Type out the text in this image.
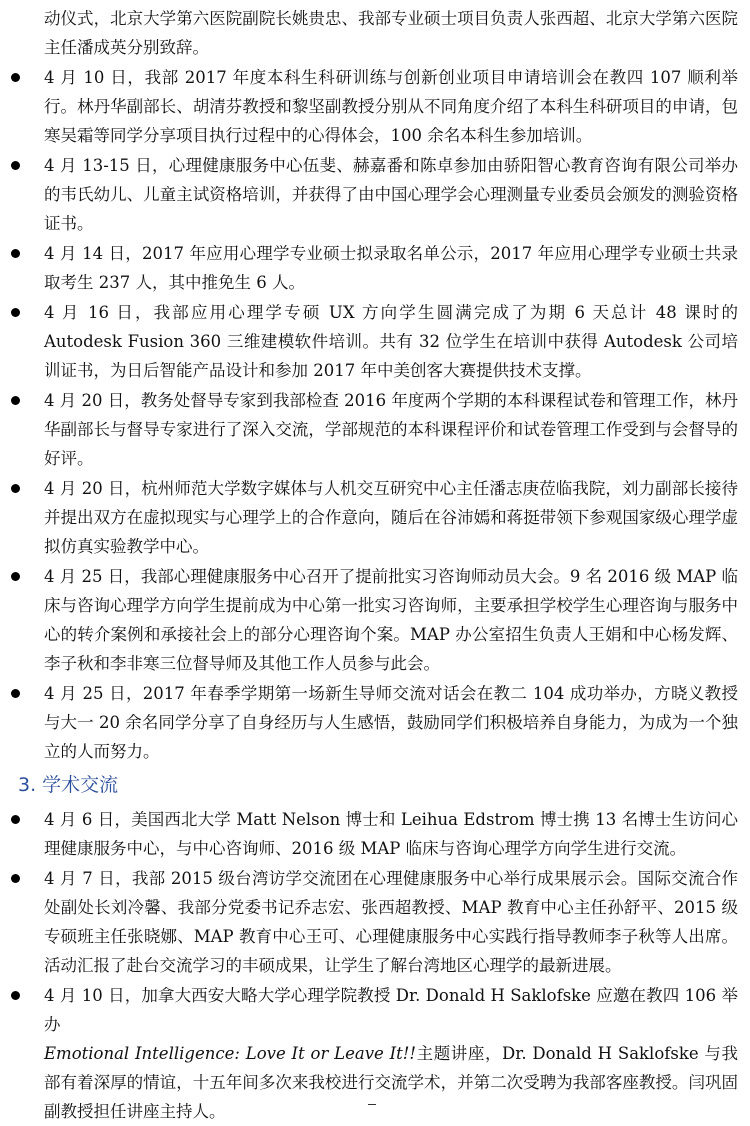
动仪式，北京大学第六医院副院长姚贵忠、我部专业硕士项目负责人张西超、北京大学第六医院主任潘成英分别致辞。
4 月 10 日，我部 2017 年度本科生科研训练与创新创业项目申请培训会在教四 107 顺利举行。林丹华副部长、胡清芬教授和黎坚副教授分别从不同角度介绍了本科生科研项目的申请，包寒吴霜等同学分享项目执行过程中的心得体会，100 余名本科生参加培训。
4 月 13-15 日，心理健康服务中心伍斐、赫嘉番和陈卓参加由骄阳智心教育咨询有限公司举办的韦氏幼儿、儿童主试资格培训，并获得了由中国心理学会心理测量专业委员会颁发的测验资格证书。
4 月 14 日，2017 年应用心理学专业硕士拟录取名单公示，2017 年应用心理学专业硕士共录取考生 237 人，其中推免生 6 人。
4 月 16 日，我部应用心理学专硕 UX 方向学生圆满完成了为期 6 天总计 48 课时的 Autodesk Fusion 360 三维建模软件培训。共有 32 位学生在培训中获得 Autodesk 公司培训证书，为日后智能产品设计和参加 2017 年中美创客大赛提供技术支撑。
4 月 20 日，教务处督导专家到我部检查 2016 年度两个学期的本科课程试卷和管理工作，林丹华副部长与督导专家进行了深入交流，学部规范的本科课程评价和试卷管理工作受到与会督导的好评。
4 月 20 日，杭州师范大学数字媒体与人机交互研究中心主任潘志庚莅临我院，刘力副部长接待并提出双方在虚拟现实与心理学上的合作意向，随后在谷沛嫣和蒋挺带领下参观国家级心理学虚拟仿真实验教学中心。
4 月 25 日，我部心理健康服务中心召开了提前批实习咨询师动员大会。9 名 2016 级 MAP 临床与咨询心理学方向学生提前成为中心第一批实习咨询师，主要承担学校学生心理咨询与服务中心的转介案例和承接社会上的部分心理咨询个案。MAP 办公室招生负责人王娟和中心杨发辉、李子秋和李非寒三位督导师及其他工作人员参与此会。
4 月 25 日，2017 年春季学期第一场新生导师交流对话会在教二 104 成功举办，方晓义教授与大一 20 余名同学分享了自身经历与人生感悟，鼓励同学们积极培养自身能力，为成为一个独立的人而努力。
3. 学术交流
4 月 6 日，美国西北大学 Matt Nelson 博士和 Leihua Edstrom 博士携 13 名博士生访问心理健康服务中心，与中心咨询师、2016 级 MAP 临床与咨询心理学方向学生进行交流。
4 月 7 日，我部 2015 级台湾访学交流团在心理健康服务中心举行成果展示会。国际交流合作处副处长刘冷馨、我部分党委书记乔志宏、张西超教授、MAP 教育中心主任孙舒平、2015 级专硕班主任张晓娜、MAP 教育中心王可、心理健康服务中心实践行指导教师李子秋等人出席。活动汇报了赴台交流学习的丰硕成果，让学生了解台湾地区心理学的最新进展。
4 月 10 日，加拿大西安大略大学心理学院教授 Dr. Donald H Saklofske 应邀在教四 106 举办
Emotional Intelligence: Love It or Leave It!!主题讲座，Dr. Donald H Saklofske 与我部有着深厚的情谊，十五年间多次来我校进行交流学术，并第二次受聘为我部客座教授。闫巩固副教授担任讲座主持人。
